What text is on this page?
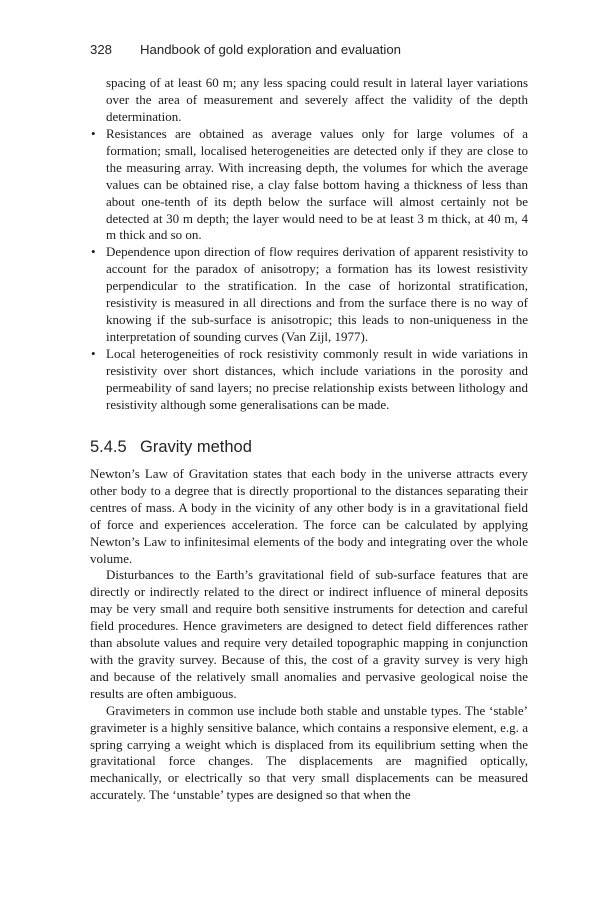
328 Handbook of gold exploration and evaluation

spacing of at least 60 m; any less spacing could result in lateral layer variations over the area of measurement and severely affect the validity of the depth determination.

• Resistances are obtained as average values only for large volumes of a formation; small, localised heterogeneities are detected only if they are close to the measuring array. With increasing depth, the volumes for which the average values can be obtained rise, a clay false bottom having a thickness of less than about one-tenth of its depth below the surface will almost certainly not be detected at 30 m depth; the layer would need to be at least 3 m thick, at 40 m, 4 m thick and so on.
• Dependence upon direction of flow requires derivation of apparent resistivity to account for the paradox of anisotropy; a formation has its lowest resistivity perpendicular to the stratification. In the case of horizontal stratification, resistivity is measured in all directions and from the surface there is no way of knowing if the sub-surface is anisotropic; this leads to non-uniqueness in the interpretation of sounding curves (Van Zijl, 1977).
• Local heterogeneities of rock resistivity commonly result in wide variations in resistivity over short distances, which include variations in the porosity and permeability of sand layers; no precise relationship exists between lithology and resistivity although some generalisations can be made.
5.4.5 Gravity method

Newton’s Law of Gravitation states that each body in the universe attracts every other body to a degree that is directly proportional to the distances separating their centres of mass. A body in the vicinity of any other body is in a gravitational field of force and experiences acceleration. The force can be calculated by applying Newton’s Law to infinitesimal elements of the body and integrating over the whole volume.

Disturbances to the Earth’s gravitational field of sub-surface features that are directly or indirectly related to the direct or indirect influence of mineral deposits may be very small and require both sensitive instruments for detection and careful field procedures. Hence gravimeters are designed to detect field differences rather than absolute values and require very detailed topographic mapping in conjunction with the gravity survey. Because of this, the cost of a gravity survey is very high and because of the relatively small anomalies and pervasive geological noise the results are often ambiguous.

Gravimeters in common use include both stable and unstable types. The ‘stable’ gravimeter is a highly sensitive balance, which contains a responsive element, e.g. a spring carrying a weight which is displaced from its equilibrium setting when the gravitational force changes. The displacements are magnified optically, mechanically, or electrically so that very small displacements can be measured accurately. The ‘unstable’ types are designed so that when the
